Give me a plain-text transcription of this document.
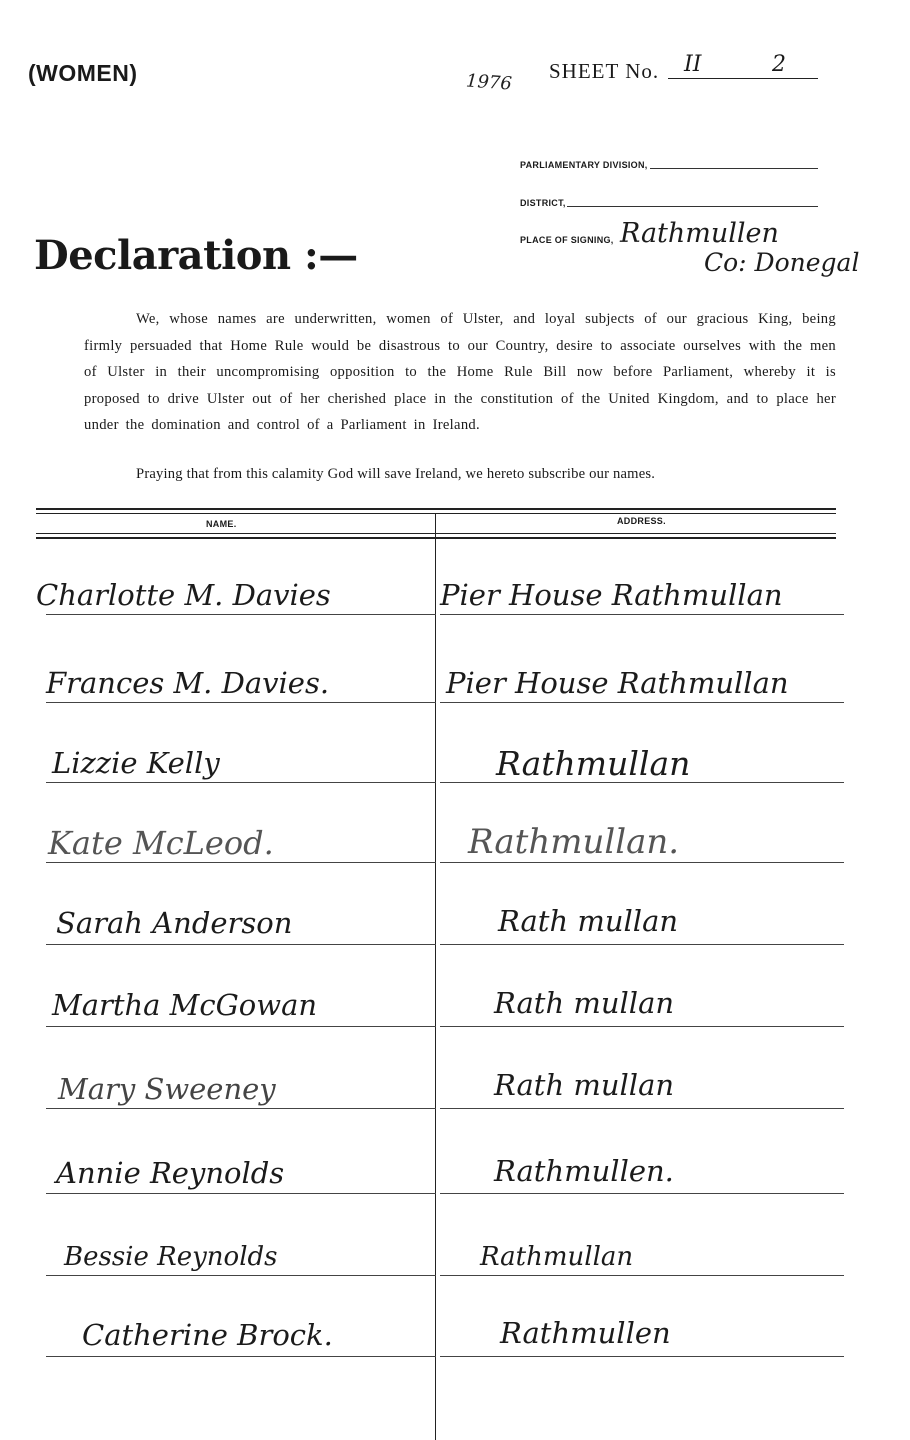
(WOMEN)	1976 SHEET No. II	2
PARLIAMENTARY DIVISION,
DISTRICT,
PLACE OF SIGNING, Rathmullen
Co: Donegal
Declaration :—
We, whose names are underwritten, women of Ulster, and loyal subjects of our gracious King, being firmly persuaded that Home Rule would be disastrous to our Country, desire to associate ourselves with the men of Ulster in their uncompromising opposition to the Home Rule Bill now before Parliament, whereby it is proposed to drive Ulster out of her cherished place in the constitution of the United Kingdom, and to place her under the domination and control of a Parliament in Ireland.
Praying that from this calamity God will save Ireland, we hereto subscribe our names.
NAME.	ADDRESS.
Charlotte M. Davies	Pier House Rathmullan
Frances M. Davies.	Pier House Rathmullan
Lizzie Kelly	Rathmullan
Kate McLeod.	Rathmullan.
Sarah Anderson	Rath mullan
Martha McGowan	Rath mullan
Mary Sweeney	Rath mullan
Annie Reynolds	Rathmullen.
Bessie Reynolds	Rathmullan
Catherine Brock.	Rathmullen
